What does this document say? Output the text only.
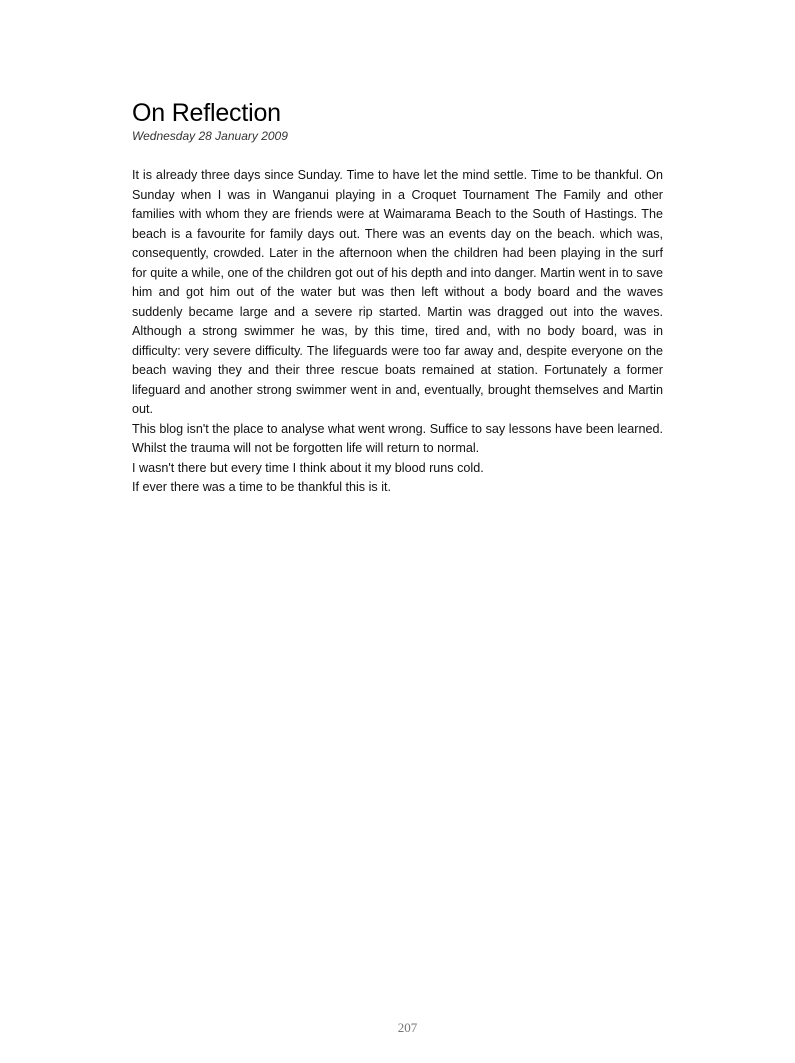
On Reflection
Wednesday 28 January 2009

It is already three days since Sunday. Time to have let the mind settle. Time to be thankful. On Sunday when I was in Wanganui playing in a Croquet Tournament The Family and other families with whom they are friends were at Waimarama Beach to the South of Hastings. The beach is a favourite for family days out. There was an events day on the beach. which was, consequently, crowded. Later in the afternoon when the children had been playing in the surf for quite a while, one of the children got out of his depth and into danger. Martin went in to save him and got him out of the water but was then left without a body board and the waves suddenly became large and a severe rip started. Martin was dragged out into the waves. Although a strong swimmer he was, by this time, tired and, with no body board, was in difficulty: very severe difficulty. The lifeguards were too far away and, despite everyone on the beach waving they and their three rescue boats remained at station. Fortunately a former lifeguard and another strong swimmer went in and, eventually, brought themselves and Martin out.

This blog isn't the place to analyse what went wrong. Suffice to say lessons have been learned. Whilst the trauma will not be forgotten life will return to normal.

I wasn't there but every time I think about it my blood runs cold.

If ever there was a time to be thankful this is it.

207
